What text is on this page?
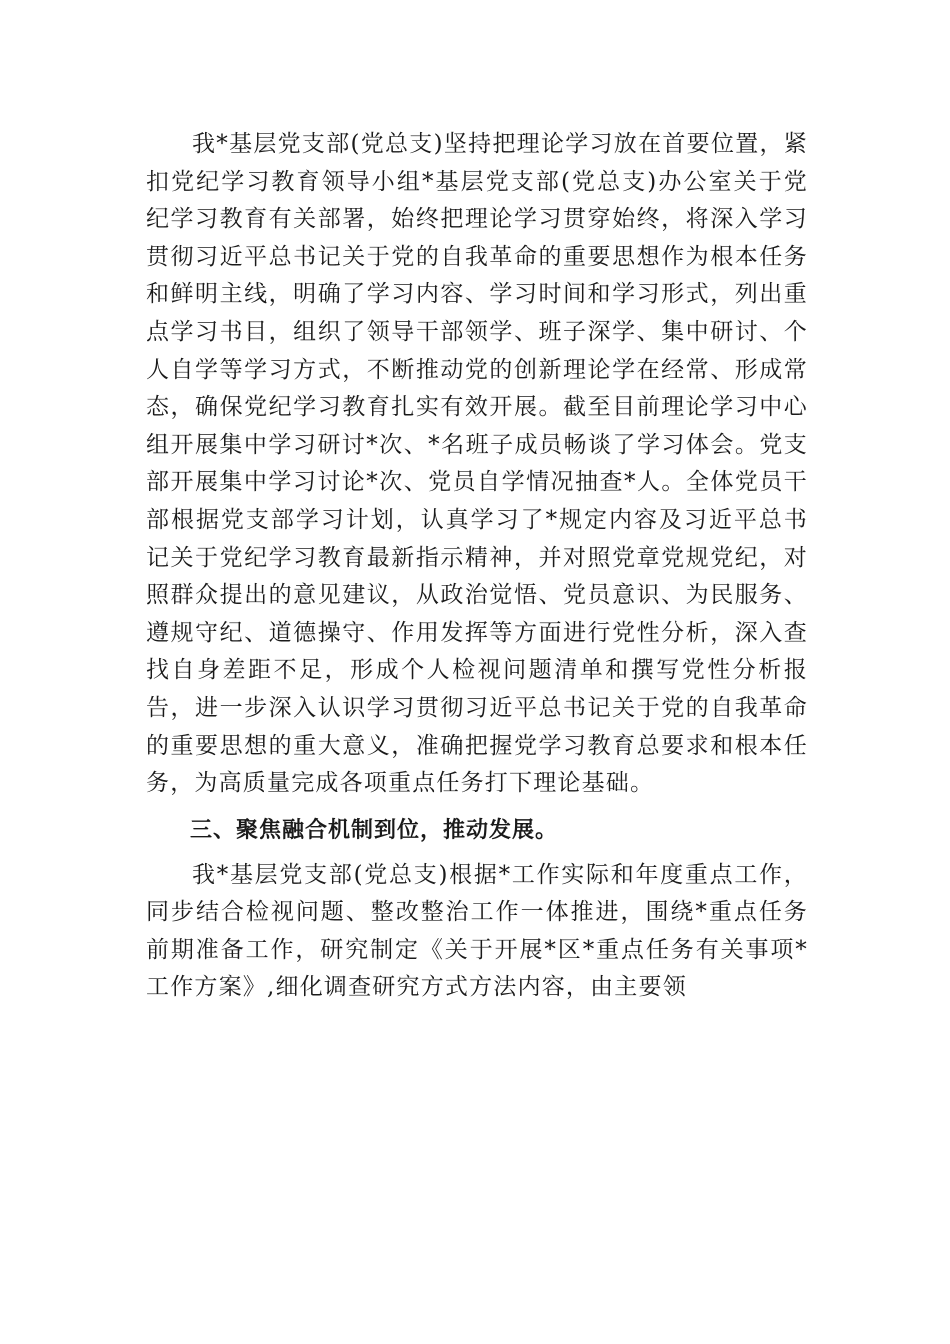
我*基层党支部(党总支)坚持把理论学习放在首要位置，紧扣党纪学习教育领导小组*基层党支部(党总支)办公室关于党纪学习教育有关部署，始终把理论学习贯穿始终，将深入学习贯彻习近平总书记关于党的自我革命的重要思想作为根本任务和鲜明主线，明确了学习内容、学习时间和学习形式，列出重点学习书目，组织了领导干部领学、班子深学、集中研讨、个人自学等学习方式，不断推动党的创新理论学在经常、形成常态，确保党纪学习教育扎实有效开展。截至目前理论学习中心组开展集中学习研讨*次、*名班子成员畅谈了学习体会。党支部开展集中学习讨论*次、党员自学情况抽查*人。全体党员干部根据党支部学习计划，认真学习了*规定内容及习近平总书记关于党纪学习教育最新指示精神，并对照党章党规党纪，对照群众提出的意见建议，从政治觉悟、党员意识、为民服务、遵规守纪、道德操守、作用发挥等方面进行党性分析，深入查找自身差距不足，形成个人检视问题清单和撰写党性分析报告，进一步深入认识学习贯彻习近平总书记关于党的自我革命的重要思想的重大意义，准确把握党学习教育总要求和根本任务，为高质量完成各项重点任务打下理论基础。

三、聚焦融合机制到位，推动发展。

我*基层党支部(党总支)根据*工作实际和年度重点工作，同步结合检视问题、整改整治工作一体推进，围绕*重点任务前期准备工作，研究制定《关于开展*区*重点任务有关事项*工作方案》,细化调查研究方式方法内容，由主要领
